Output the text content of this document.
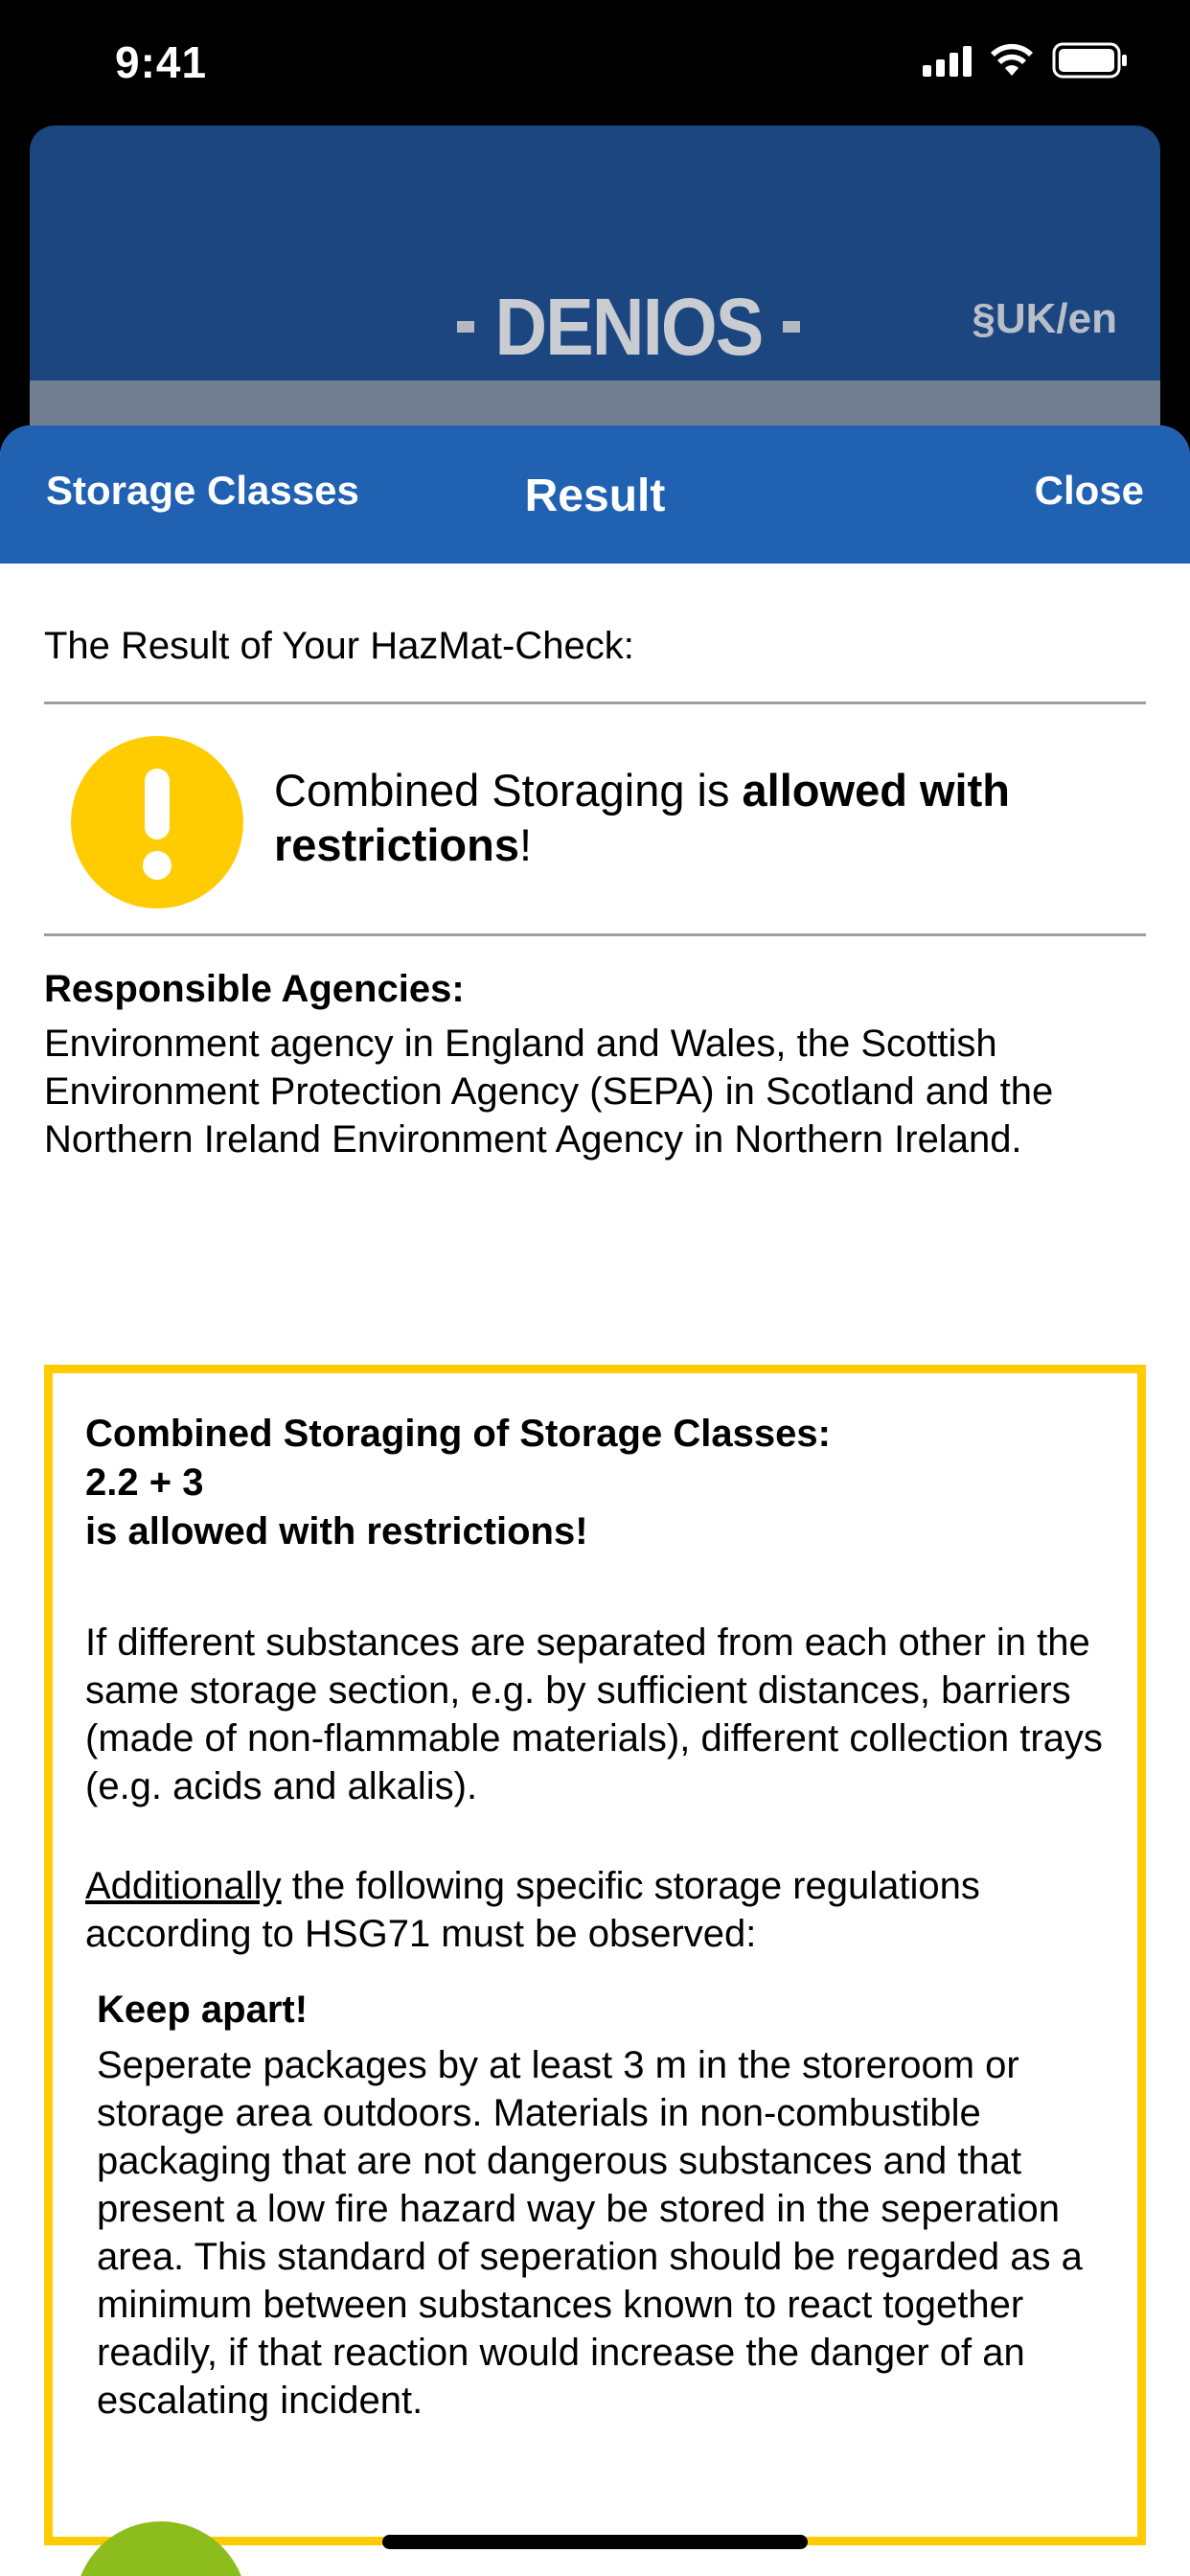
9:41
DENIOS	§UK/en
Storage Classes	Result	Close
The Result of Your HazMat-Check:
Combined Storaging is allowed with restrictions!
Responsible Agencies:
Environment agency in England and Wales, the Scottish Environment Protection Agency (SEPA) in Scotland and the Northern Ireland Environment Agency in Northern Ireland.
Combined Storaging of Storage Classes:
2.2 + 3
is allowed with restrictions!
If different substances are separated from each other in the same storage section, e.g. by sufficient distances, barriers (made of non-flammable materials), different collection trays (e.g. acids and alkalis).
Additionally the following specific storage regulations according to HSG71 must be observed:
Keep apart!
Seperate packages by at least 3 m in the storeroom or storage area outdoors. Materials in non-combustible packaging that are not dangerous substances and that present a low fire hazard way be stored in the seperation area. This standard of seperation should be regarded as a minimum between substances known to react together readily, if that reaction would increase the danger of an escalating incident.
